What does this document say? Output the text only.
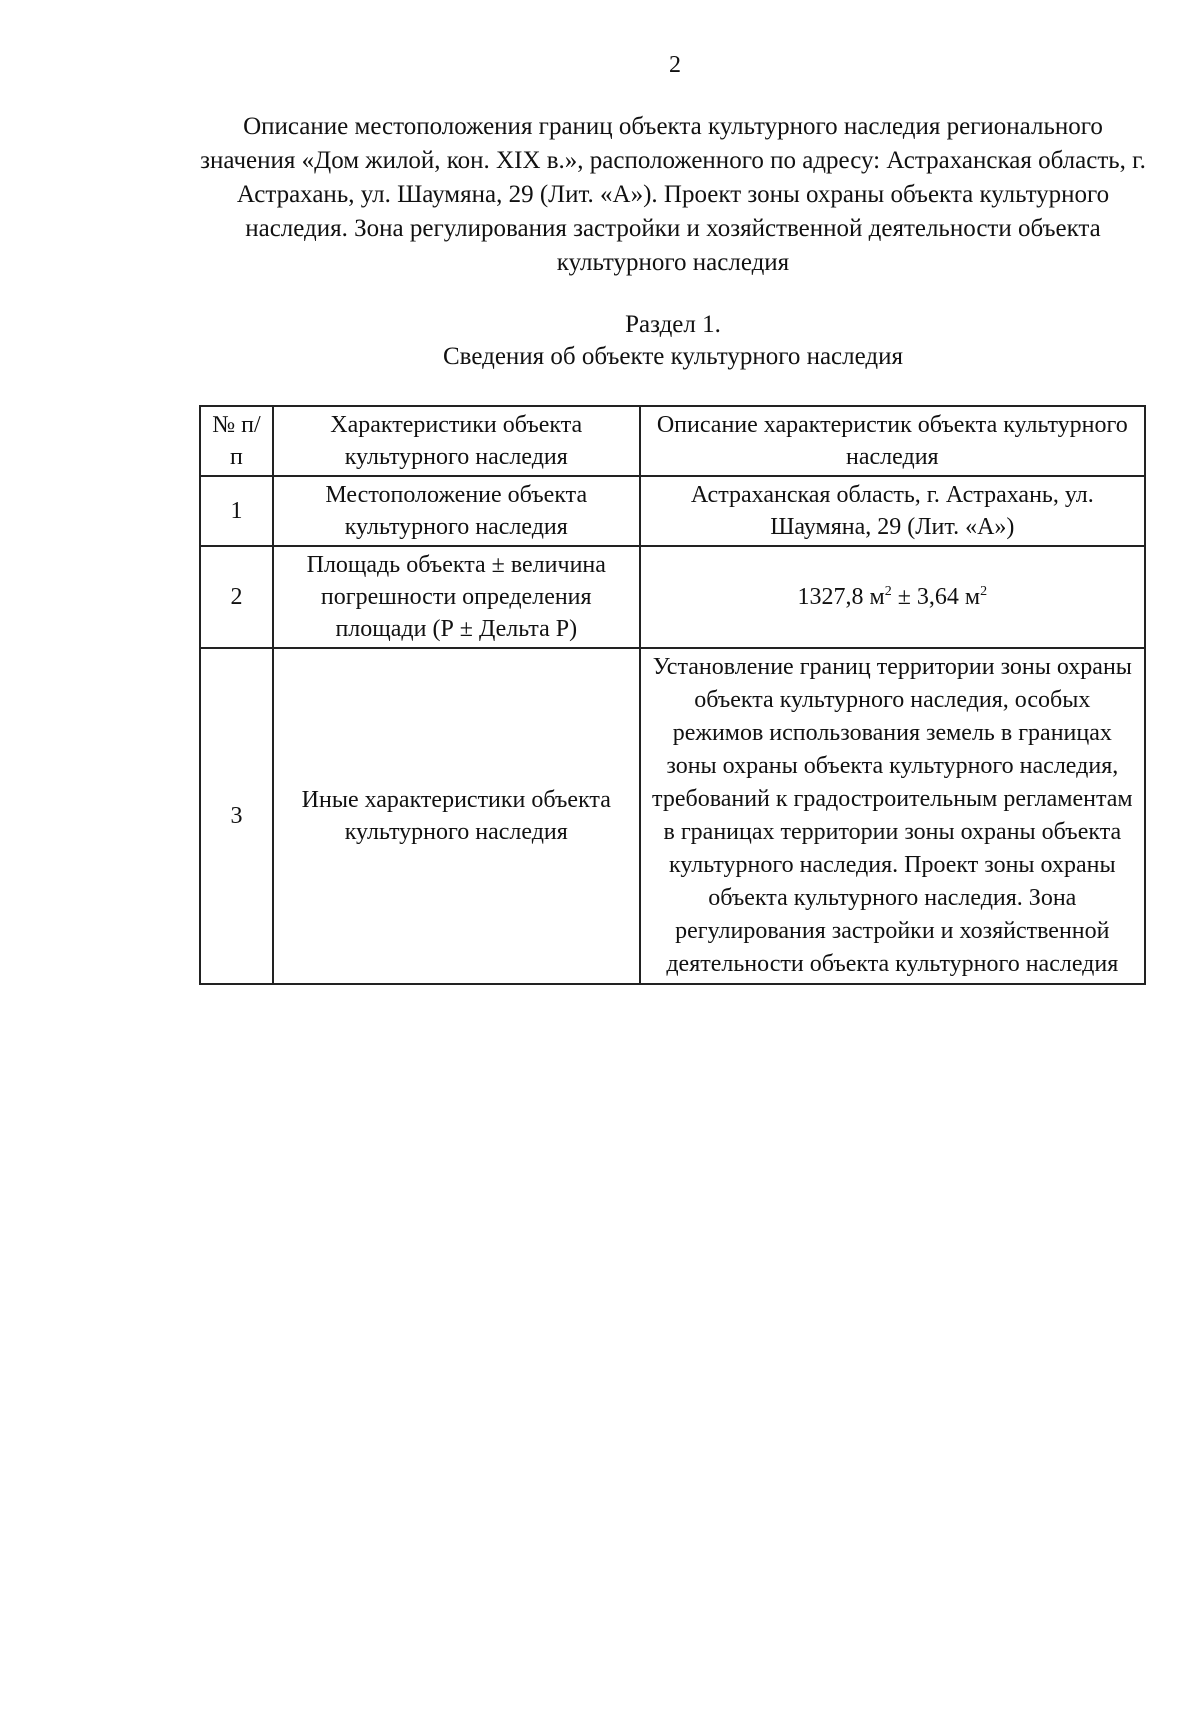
2
Описание местоположения границ объекта культурного наследия регионального значения «Дом жилой, кон. XIX в.», расположенного по адресу: Астраханская область, г. Астрахань, ул. Шаумяна, 29 (Лит. «А»). Проект зоны охраны объекта культурного наследия. Зона регулирования застройки и хозяйственной деятельности объекта культурного наследия
Раздел 1.
Сведения об объекте культурного наследия
№ п/п	Характеристики объекта культурного наследия	Описание характеристик объекта культурного наследия
1	Местоположение объекта культурного наследия	Астраханская область, г. Астрахань, ул. Шаумяна, 29 (Лит. «А»)
2	Площадь объекта ± величина погрешности определения площади (Р ± Дельта Р)	1327,8 $м^2 \pm 3,64$ $м^2$
3	Иные характеристики объекта культурного наследия	Установление границ территории зоны охраны объекта культурного наследия, особых режимов использования земель в границах зоны охраны объекта культурного наследия, требований к градостроительным регламентам в границах территории зоны охраны объекта культурного наследия. Проект зоны охраны объекта культурного наследия. Зона регулирования застройки и хозяйственной деятельности объекта культурного наследия
